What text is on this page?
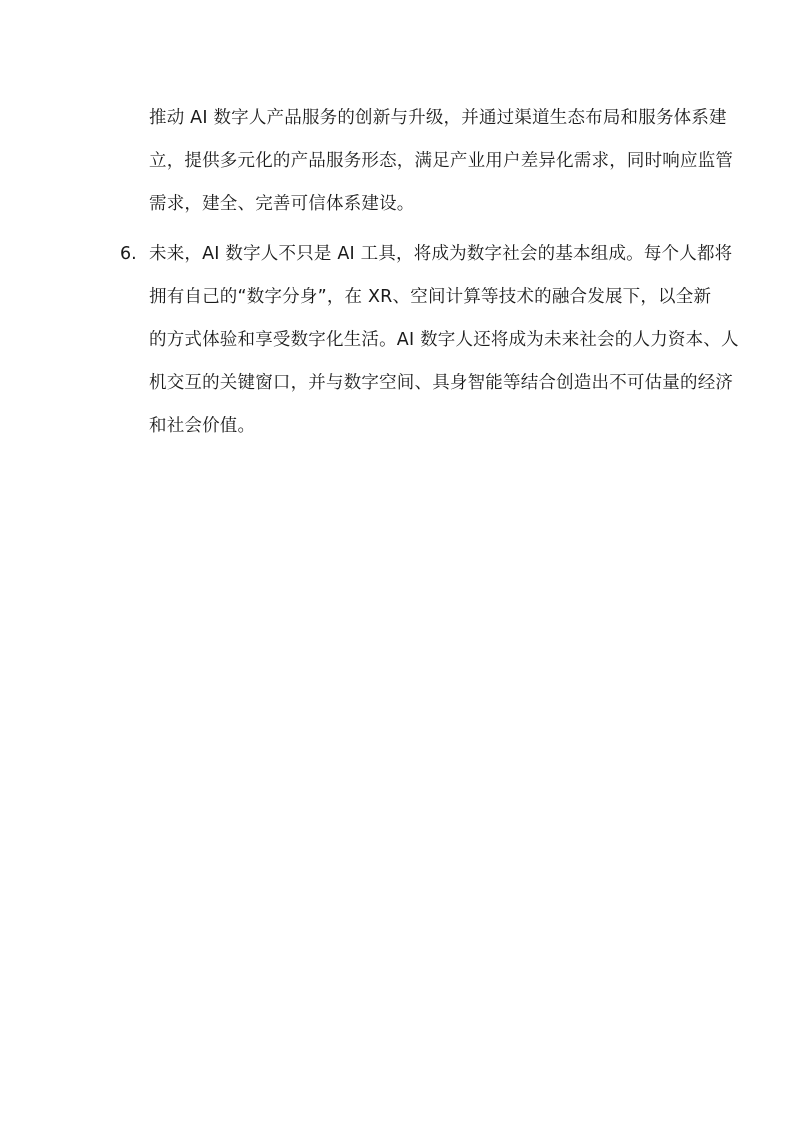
推动 AI 数字人产品服务的创新与升级，并通过渠道生态布局和服务体系建
立，提供多元化的产品服务形态，满足产业用户差异化需求，同时响应监管
需求，建全、完善可信体系建设。
6. 未来，AI 数字人不只是 AI 工具，将成为数字社会的基本组成。每个人都将
拥有自己的“数字分身”，在 XR、空间计算等技术的融合发展下，以全新
的方式体验和享受数字化生活。AI 数字人还将成为未来社会的人力资本、人
机交互的关键窗口，并与数字空间、具身智能等结合创造出不可估量的经济
和社会价值。
